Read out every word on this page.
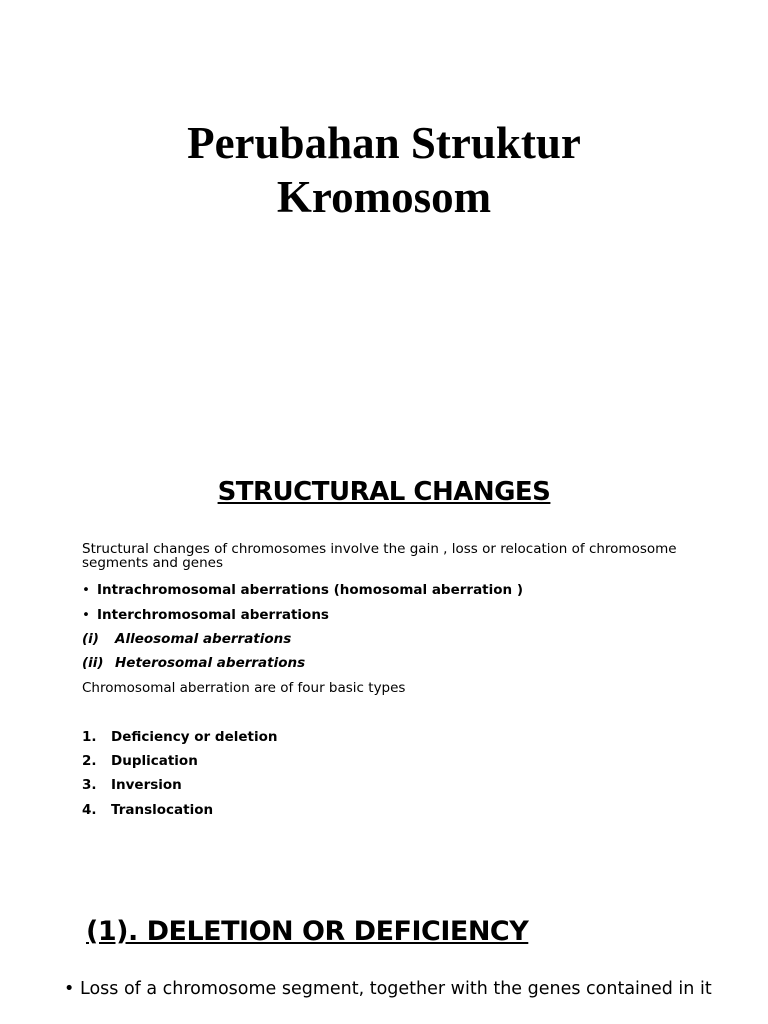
Perubahan Struktur
Kromosom
STRUCTURAL CHANGES

Structural changes of chromosomes involve the gain , loss or relocation of chromosome segments and genes

• Intrachromosomal aberrations (homosomal aberration )
• Interchromosomal aberrations
(i) Alleosomal aberrations
(ii) Heterosomal aberrations
Chromosomal aberration are of four basic types
1. Deficiency or deletion
2. Duplication
3. Inversion
4. Translocation
(1). DELETION OR DEFICIENCY
• Loss of a chromosome segment, together with the genes contained in it
